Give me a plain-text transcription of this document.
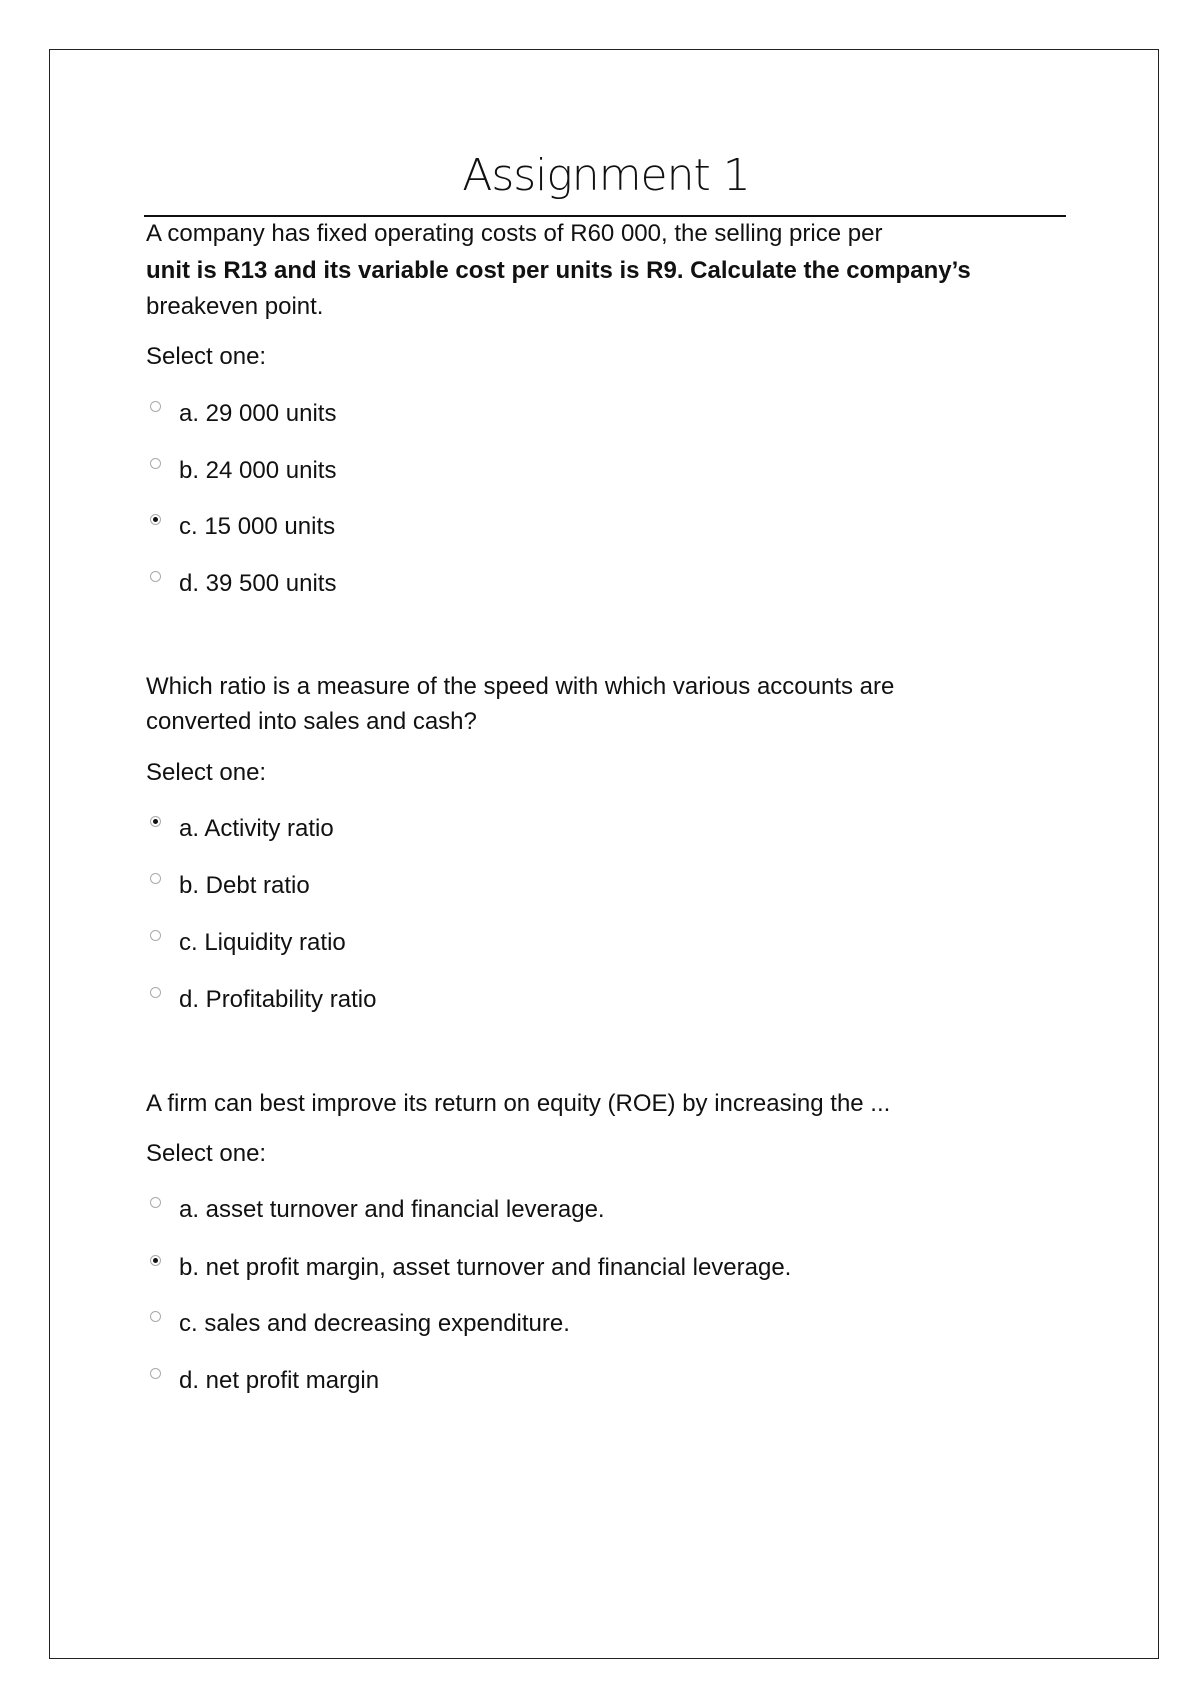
Assignment 1
A company has fixed operating costs of R60 000, the selling price per
unit is R13 and its variable cost per units is R9. Calculate the company’s
breakeven point.
Select one:
a. 29 000 units
b. 24 000 units
c. 15 000 units
d. 39 500 units
Which ratio is a measure of the speed with which various accounts are
converted into sales and cash?
Select one:
a. Activity ratio
b. Debt ratio
c. Liquidity ratio
d. Profitability ratio
A firm can best improve its return on equity (ROE) by increasing the ...
Select one:
a. asset turnover and financial leverage.
b. net profit margin, asset turnover and financial leverage.
c. sales and decreasing expenditure.
d. net profit margin
